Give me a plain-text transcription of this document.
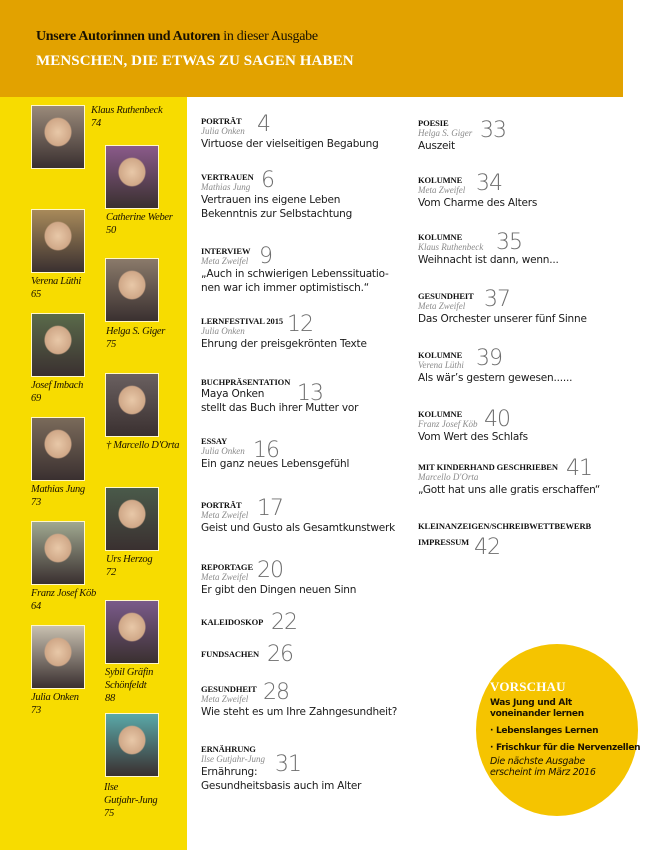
Unsere Autorinnen und Autoren in dieser Ausgabe
MENSCHEN, DIE ETWAS ZU SAGEN HABEN
Klaus Ruthenbeck
74
Catherine Weber
50
Verena Lüthi
65
Helga S. Giger
75
Josef Imbach
69
† Marcello D'Orta
Mathias Jung
73
Urs Herzog
72
Franz Josef Köb
64
Sybil Gräfin
Schönfeldt
88
Julia Onken
73
Ilse
Gutjahr-Jung
75
PORTRÄT
Julia Onken 4
Virtuose der vielseitigen Begabung
VERTRAUEN
Mathias Jung 6
Vertrauen ins eigene Leben
Bekenntnis zur Selbstachtung
INTERVIEW
Meta Zweifel 9
„Auch in schwierigen Lebenssituatio-
nen war ich immer optimistisch.“
LERNFESTIVAL 2015
Julia Onken	12
Ehrung der preisgekrönten Texte
BUCHPRÄSENTATION 13
Maya Onken
stellt das Buch ihrer Mutter vor
ESSAY
Julia Onken 16
Ein ganz neues Lebensgefühl
PORTRÄT
Meta Zweifel 17
Geist und Gusto als Gesamtkunstwerk
REPORTAGE
Meta Zweifel 20
Er gibt den Dingen neuen Sinn
KALEIDOSKOP 22
FUNDSACHEN 26
GESUNDHEIT
Meta Zweifel 28
Wie steht es um Ihre Zahngesundheit?
ERNÄHRUNG
Ilse Gutjahr-Jung 31
Ernährung:
Gesundheitsbasis auch im Alter
POESIE
Helga S. Giger 33
Auszeit
KOLUMNE
Meta Zweifel 34
Vom Charme des Alters
KOLUMNE
Klaus Ruthenbeck 35
Weihnacht ist dann, wenn...
GESUNDHEIT
Meta Zweifel 37
Das Orchester unserer fünf Sinne
KOLUMNE
Verena Lüthi 39
Als wär’s gestern gewesen......
KOLUMNE
Franz Josef Köb 40
Vom Wert des Schlafs
MIT KINDERHAND GESCHRIEBEN
Marcello D'Orta	41
„Gott hat uns alle gratis erschaffen“
KLEINANZEIGEN/SCHREIBWETTBEWERB
IMPRESSUM 42
VORSCHAU
Was Jung und Alt
voneinander lernen
· Lebenslanges Lernen
· Frischkur für die Nervenzellen
Die nächste Ausgabe
erscheint im März 2016
